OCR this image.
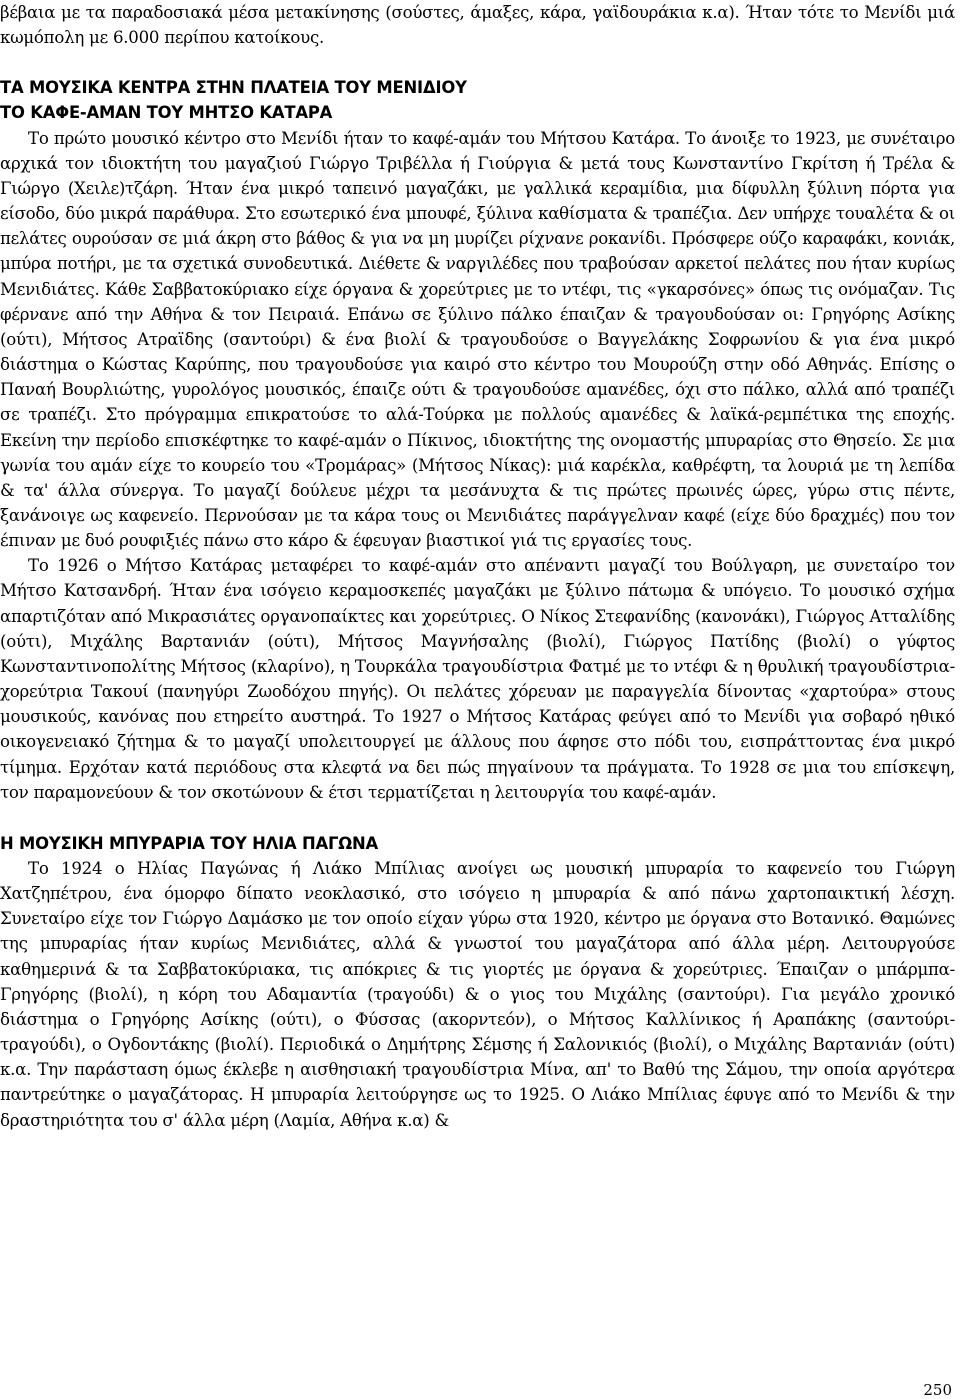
βέβαια με τα παραδοσιακά μέσα μετακίνησης (σούστες, άμαξες, κάρα, γαϊδουράκια κ.α). Ήταν τότε το Μενίδι μιά κωμόπολη με 6.000 περίπου κατοίκους.

ΤΑ ΜΟΥΣΙΚΑ ΚΕΝΤΡΑ ΣΤΗΝ ΠΛΑΤΕΙΑ ΤΟΥ ΜΕΝΙΔΙΟΥ

ΤΟ ΚΑΦΕ-ΑΜΑΝ ΤΟΥ ΜΗΤΣΟ ΚΑΤΑΡΑ

Το πρώτο μουσικό κέντρο στο Μενίδι ήταν το καφέ-αμάν του Μήτσου Κατάρα. Το άνοιξε το 1923, με συνέταιρο αρχικά τον ιδιοκτήτη του μαγαζιού Γιώργο Τριβέλλα ή Γιούργια & μετά τους Κωνσταντίνο Γκρίτση ή Τρέλα & Γιώργο (Χειλε)τζάρη. Ήταν ένα μικρό ταπεινό μαγαζάκι, με γαλλικά κεραμίδια, μια δίφυλλη ξύλινη πόρτα για είσοδο, δύο μικρά παράθυρα. Στο εσωτερικό ένα μπουφέ, ξύλινα καθίσματα & τραπέζια. Δεν υπήρχε τουαλέτα & οι πελάτες ουρούσαν σε μιά άκρη στο βάθος & για να μη μυρίζει ρίχνανε ροκανίδι. Πρόσφερε ούζο καραφάκι, κονιάκ, μπύρα ποτήρι, με τα σχετικά συνοδευτικά. Διέθετε & ναργιλέδες που τραβούσαν αρκετοί πελάτες που ήταν κυρίως Μενιδιάτες. Κάθε Σαββατοκύριακο είχε όργανα & χορεύτριες με το ντέφι, τις «γκαρσόνες» όπως τις ονόμαζαν. Τις φέρνανε από την Αθήνα & τον Πειραιά. Επάνω σε ξύλινο πάλκο έπαιζαν & τραγουδούσαν οι: Γρηγόρης Ασίκης (ούτι), Μήτσος Ατραϊδης (σαντούρι) & ένα βιολί & τραγουδούσε ο Βαγγελάκης Σοφρωνίου & για ένα μικρό διάστημα ο Κώστας Καρύπης, που τραγουδούσε για καιρό στο κέντρο του Μουρούζη στην οδό Αθηνάς. Επίσης ο Παναή Βουρλιώτης, γυρολόγος μουσικός, έπαιζε ούτι & τραγουδούσε αμανέδες, όχι στο πάλκο, αλλά από τραπέζι σε τραπέζι. Στο πρόγραμμα επικρατούσε το αλά-Τούρκα με πολλούς αμανέδες & λαϊκά-ρεμπέτικα της εποχής. Εκείνη την περίοδο επισκέφτηκε το καφέ-αμάν ο Πίκινος, ιδιοκτήτης της ονομαστής μπυραρίας στο Θησείο. Σε μια γωνία του αμάν είχε το κουρείο του «Τρομάρας» (Μήτσος Νίκας): μιά καρέκλα, καθρέφτη, τα λουριά με τη λεπίδα & τα' άλλα σύνεργα. Το μαγαζί δούλευε μέχρι τα μεσάνυχτα & τις πρώτες πρωινές ώρες, γύρω στις πέντε, ξανάνοιγε ως καφενείο. Περνούσαν με τα κάρα τους οι Μενιδιάτες παράγγελναν καφέ (είχε δύο δραχμές) που τον έπιναν με δυό ρουφιξιές πάνω στο κάρο & έφευγαν βιαστικοί γιά τις εργασίες τους.

Το 1926 ο Μήτσο Κατάρας μεταφέρει το καφέ-αμάν στο απέναντι μαγαζί του Βούλγαρη, με συνεταίρο τον Μήτσο Κατσανδρή. Ήταν ένα ισόγειο κεραμοσκεπές μαγαζάκι με ξύλινο πάτωμα & υπόγειο. Το μουσικό σχήμα απαρτιζόταν από Μικρασιάτες οργανοπαίκτες και χορεύτριες. Ο Νίκος Στεφανίδης (κανονάκι), Γιώργος Ατταλίδης (ούτι), Μιχάλης Βαρτανιάν (ούτι), Μήτσος Μαγνήσαλης (βιολί), Γιώργος Πατίδης (βιολί) ο γύφτος Κωνσταντινοπολίτης Μήτσος (κλαρίνο), η Τουρκάλα τραγουδίστρια Φατμέ με το ντέφι & η θρυλική τραγουδίστρια-χορεύτρια Τακουί (πανηγύρι Ζωοδόχου πηγής). Οι πελάτες χόρευαν με παραγγελία δίνοντας «χαρτούρα» στους μουσικούς, κανόνας που ετηρείτο αυστηρά. Το 1927 ο Μήτσος Κατάρας φεύγει από το Μενίδι για σοβαρό ηθικό οικογενειακό ζήτημα & το μαγαζί υπολειτουργεί με άλλους που άφησε στο πόδι του, εισπράττοντας ένα μικρό τίμημα. Ερχόταν κατά περιόδους στα κλεφτά να δει πώς πηγαίνουν τα πράγματα. Το 1928 σε μια του επίσκεψη, τον παραμονεύουν & τον σκοτώνουν & έτσι τερματίζεται η λειτουργία του καφέ-αμάν.

Η ΜΟΥΣΙΚΗ ΜΠΥΡΑΡΙΑ ΤΟΥ ΗΛΙΑ ΠΑΓΩΝΑ

Το 1924 ο Ηλίας Παγώνας ή Λιάκο Μπίλιας ανοίγει ως μουσική μπυραρία το καφενείο του Γιώργη Χατζηπέτρου, ένα όμορφο δίπατο νεοκλασικό, στο ισόγειο η μπυραρία & από πάνω χαρτοπαικτική λέσχη. Συνεταίρο είχε τον Γιώργο Δαμάσκο με τον οποίο είχαν γύρω στα 1920, κέντρο με όργανα στο Βοτανικό. Θαμώνες της μπυραρίας ήταν κυρίως Μενιδιάτες, αλλά & γνωστοί του μαγαζάτορα από άλλα μέρη. Λειτουργούσε καθημερινά & τα Σαββατοκύριακα, τις απόκριες & τις γιορτές με όργανα & χορεύτριες. Έπαιζαν ο μπάρμπα-Γρηγόρης (βιολί), η κόρη του Αδαμαντία (τραγούδι) & ο γιος του Μιχάλης (σαντούρι). Για μεγάλο χρονικό διάστημα ο Γρηγόρης Ασίκης (ούτι), ο Φύσσας (ακορντεόν), ο Μήτσος Καλλίνικος ή Αραπάκης (σαντούρι-τραγούδι), ο Ογδοντάκης (βιολί). Περιοδικά ο Δημήτρης Σέμσης ή Σαλονικιός (βιολί), ο Μιχάλης Βαρτανιάν (ούτι) κ.α. Την παράσταση όμως έκλεβε η αισθησιακή τραγουδίστρια Μίνα, απ' το Βαθύ της Σάμου, την οποία αργότερα παντρεύτηκε ο μαγαζάτορας. Η μπυραρία λειτούργησε ως το 1925. Ο Λιάκο Μπίλιας έφυγε από το Μενίδι & την δραστηριότητα του σ' άλλα μέρη (Λαμία, Αθήνα κ.α) &

250
